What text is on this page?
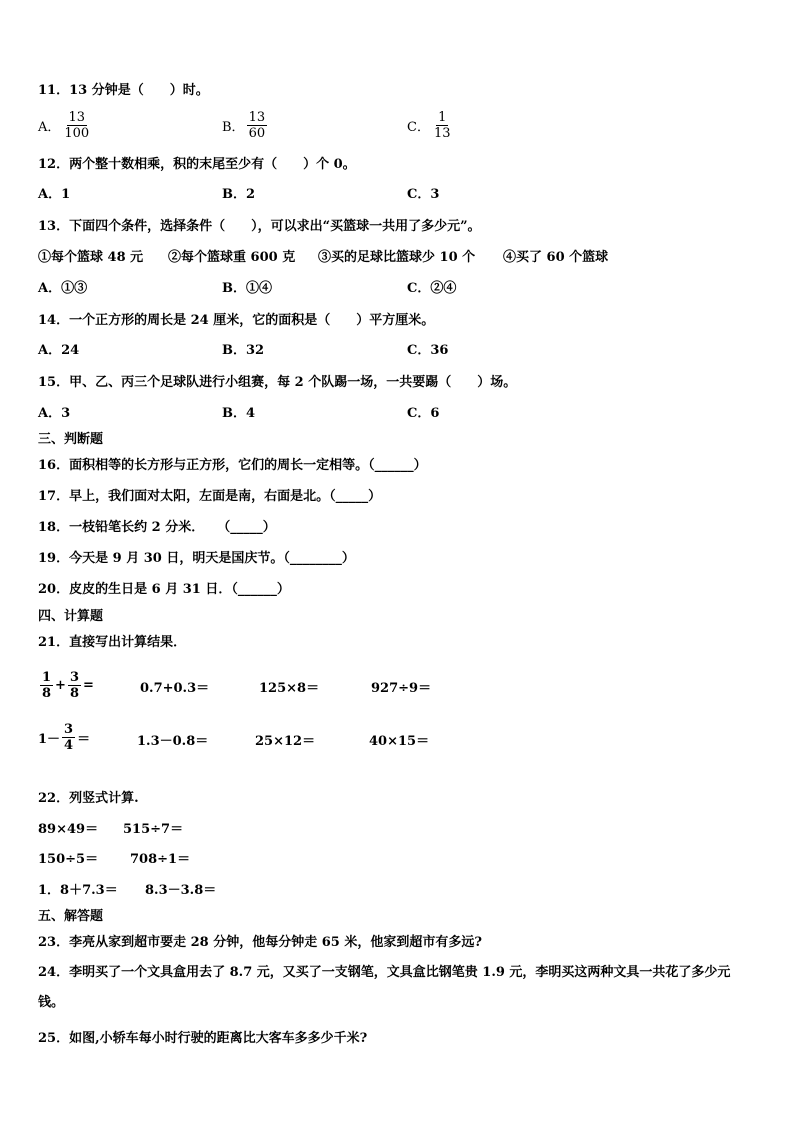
11．13 分钟是（　　）时。
A． $\frac{13}{100}$	B． $\frac{13}{60}$	C． $\frac{1}{13}$
12．两个整十数相乘，积的末尾至少有（　　）个 0。
A．1	B．2	C．3
13．下面四个条件，选择条件（　　），可以求出“买篮球一共用了多少元”。
①每个篮球 48 元 ②每个篮球重 600 克 ③买的足球比篮球少 10 个 ④买了 60 个篮球
A．①③	B．①④	C．②④
14．一个正方形的周长是 24 厘米，它的面积是（　　）平方厘米。
A．24	B．32	C．36
15．甲、乙、丙三个足球队进行小组赛，每 2 个队踢一场，一共要踢（　　）场。
A．3	B．4	C．6
三、判断题
16．面积相等的长方形与正方形，它们的周长一定相等。（______）
17．早上，我们面对太阳，左面是南，右面是北。（_____）
18．一枝铅笔长约 2 分米．　　（_____）
19．今天是 9 月 30 日，明天是国庆节。（________）
20．皮皮的生日是 6 月 31 日．（______）
四、计算题
21．直接写出计算结果．
$\frac{1}{8} + \frac{3}{8}$ =	0.7+0.3＝	125×8＝	927÷9＝
$1- \frac{3}{4}$ ＝	1.3－0.8＝	25×12＝	40×15＝
22．列竖式计算.
89×49＝ 515÷7＝
150÷5＝ 708÷1＝
1．8＋7.3＝ 8.3－3.8＝
五、解答题
23．李亮从家到超市要走 28 分钟，他每分钟走 65 米，他家到超市有多远?
24．李明买了一个文具盒用去了 8.7 元，又买了一支钢笔，文具盒比钢笔贵 1.9 元，李明买这两种文具一共花了多少元
钱。
25．如图,小轿车每小时行驶的距离比大客车多多少千米?
